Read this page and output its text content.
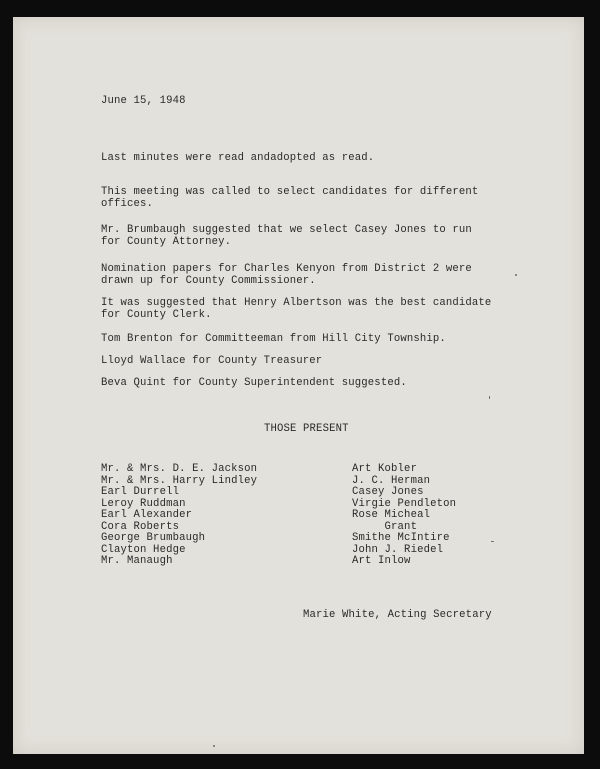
June 15, 1948

Last minutes were read andadopted as read.

This meeting was called to select candidates for different

offices.

Mr. Brumbaugh suggested that we select Casey Jones to run

for County Attorney.

Nomination papers for Charles Kenyon from District 2 were

drawn up for County Commissioner.

It was suggested that Henry Albertson was the best candidate

for County Clerk.

Tom Brenton for Committeeman from Hill City Township.

Lloyd Wallace for County Treasurer

Beva Quint for County Superintendent suggested.

THOSE PRESENT

Mr. & Mrs. D. E. Jackson
Mr. & Mrs. Harry Lindley
Earl Durrell
Leroy Ruddman
Earl Alexander
Cora Roberts
George Brumbaugh
Clayton Hedge
Mr. Manaugh
Art Kobler
J. C. Herman
Casey Jones
Virgie Pendleton
Rose Micheal
Grant
Smithe McIntire
John J. Riedel
Art Inlow

Marie White, Acting Secretary
